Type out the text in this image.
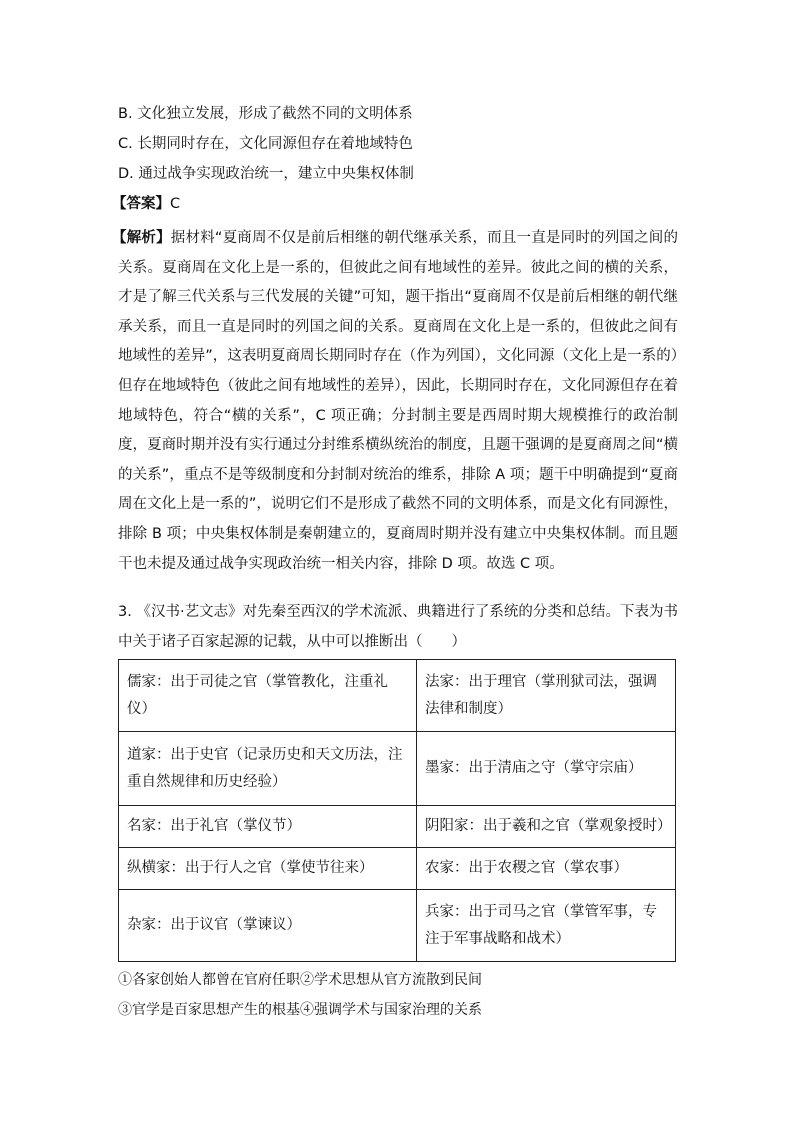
B. 文化独立发展，形成了截然不同的文明体系
C. 长期同时存在，文化同源但存在着地域特色
D. 通过战争实现政治统一，建立中央集权体制
【答案】C
【解析】据材料“夏商周不仅是前后相继的朝代继承关系，而且一直是同时的列国之间的关系。夏商周在文化上是一系的，但彼此之间有地域性的差异。彼此之间的横的关系，才是了解三代关系与三代发展的关键”可知，题干指出“夏商周不仅是前后相继的朝代继承关系，而且一直是同时的列国之间的关系。夏商周在文化上是一系的，但彼此之间有地域性的差异”，这表明夏商周长期同时存在（作为列国），文化同源（文化上是一系的）但存在地域特色（彼此之间有地域性的差异），因此，长期同时存在，文化同源但存在着地域特色，符合“横的关系”，C 项正确；分封制主要是西周时期大规模推行的政治制度，夏商时期并没有实行通过分封维系横纵统治的制度，且题干强调的是夏商周之间“横的关系”，重点不是等级制度和分封制对统治的维系，排除 A 项；题干中明确提到“夏商周在文化上是一系的”，说明它们不是形成了截然不同的文明体系，而是文化有同源性，排除 B 项；中央集权体制是秦朝建立的，夏商周时期并没有建立中央集权体制。而且题干也未提及通过战争实现政治统一相关内容，排除 D 项。故选 C 项。
3. 《汉书·艺文志》对先秦至西汉的学术流派、典籍进行了系统的分类和总结。下表为书中关于诸子百家起源的记载，从中可以推断出（　　）
儒家：出于司徒之官（掌管教化，注重礼仪）	法家：出于理官（掌刑狱司法，强调法律和制度）
道家：出于史官（记录历史和天文历法，注重自然规律和历史经验）	墨家：出于清庙之守（掌守宗庙）
名家：出于礼官（掌仪节）	阴阳家：出于羲和之官（掌观象授时）
纵横家：出于行人之官（掌使节往来）	农家：出于农稷之官（掌农事）
杂家：出于议官（掌谏议）	兵家：出于司马之官（掌管军事，专注于军事战略和战术）
①各家创始人都曾在官府任职②学术思想从官方流散到民间
③官学是百家思想产生的根基④强调学术与国家治理的关系
